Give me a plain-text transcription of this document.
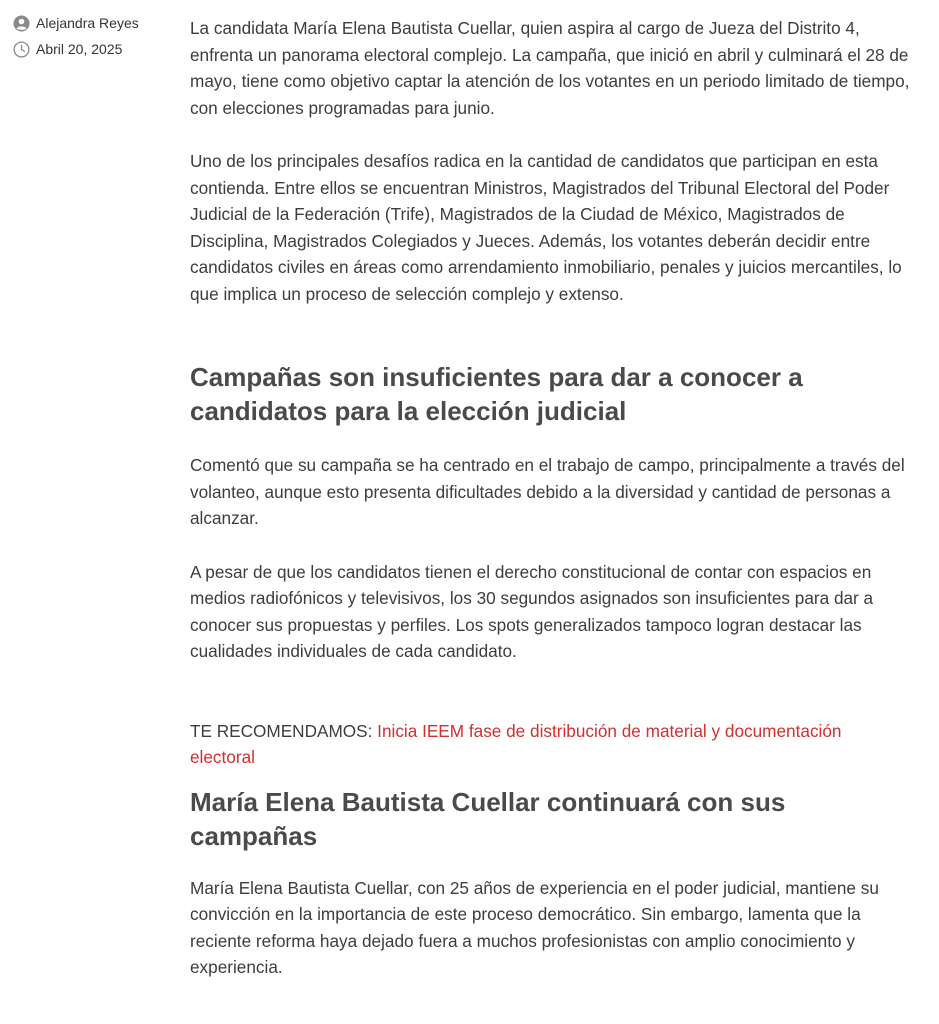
Alejandra Reyes
Abril 20, 2025

La candidata María Elena Bautista Cuellar, quien aspira al cargo de Jueza del Distrito 4, enfrenta un panorama electoral complejo. La campaña, que inició en abril y culminará el 28 de mayo, tiene como objetivo captar la atención de los votantes en un periodo limitado de tiempo, con elecciones programadas para junio.

Uno de los principales desafíos radica en la cantidad de candidatos que participan en esta contienda. Entre ellos se encuentran Ministros, Magistrados del Tribunal Electoral del Poder Judicial de la Federación (Trife), Magistrados de la Ciudad de México, Magistrados de Disciplina, Magistrados Colegiados y Jueces. Además, los votantes deberán decidir entre candidatos civiles en áreas como arrendamiento inmobiliario, penales y juicios mercantiles, lo que implica un proceso de selección complejo y extenso.

Campañas son insuficientes para dar a conocer a candidatos para la elección judicial

Comentó que su campaña se ha centrado en el trabajo de campo, principalmente a través del volanteo, aunque esto presenta dificultades debido a la diversidad y cantidad de personas a alcanzar.

A pesar de que los candidatos tienen el derecho constitucional de contar con espacios en medios radiofónicos y televisivos, los 30 segundos asignados son insuficientes para dar a conocer sus propuestas y perfiles. Los spots generalizados tampoco logran destacar las cualidades individuales de cada candidato.

TE RECOMENDAMOS: Inicia IEEM fase de distribución de material y documentación electoral

María Elena Bautista Cuellar continuará con sus campañas

María Elena Bautista Cuellar, con 25 años de experiencia en el poder judicial, mantiene su convicción en la importancia de este proceso democrático. Sin embargo, lamenta que la reciente reforma haya dejado fuera a muchos profesionistas con amplio conocimiento y experiencia.
